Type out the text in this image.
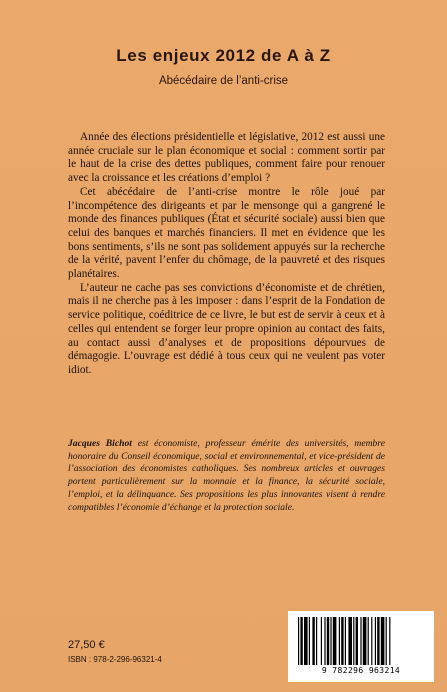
Les enjeux 2012 de A à Z
Abécédaire de l’anti-crise

Année des élections présidentielle et législative, 2012 est aussi une année cruciale sur le plan économique et social : comment sortir par le haut de la crise des dettes publiques, comment faire pour renouer avec la croissance et les créations d’emploi ?

Cet abécédaire de l’anti-crise montre le rôle joué par l’incompétence des dirigeants et par le mensonge qui a gangrené le monde des finances publiques (État et sécurité sociale) aussi bien que celui des banques et marchés financiers. Il met en évidence que les bons sentiments, s’ils ne sont pas solidement appuyés sur la recherche de la vérité, pavent l’enfer du chômage, de la pauvreté et des risques planétaires.

L’auteur ne cache pas ses convictions d’économiste et de chrétien, mais il ne cherche pas à les imposer : dans l’esprit de la Fondation de service politique, coéditrice de ce livre, le but est de servir à ceux et à celles qui entendent se forger leur propre opinion au contact des faits, au contact aussi d’analyses et de propositions dépourvues de démagogie. L’ouvrage est dédié à tous ceux qui ne veulent pas voter idiot.

Jacques Bichot est économiste, professeur émérite des universités, membre honoraire du Conseil économique, social et environnemental, et vice-président de l’association des économistes catholiques. Ses nombreux articles et ouvrages portent particulièrement sur la monnaie et la finance, la sécurité sociale, l’emploi, et la délinquance. Ses propositions les plus innovantes visent à rendre compatibles l’économie d’échange et la protection sociale.

27,50 €
ISBN : 978-2-296-96321-4
9 782296 963214
